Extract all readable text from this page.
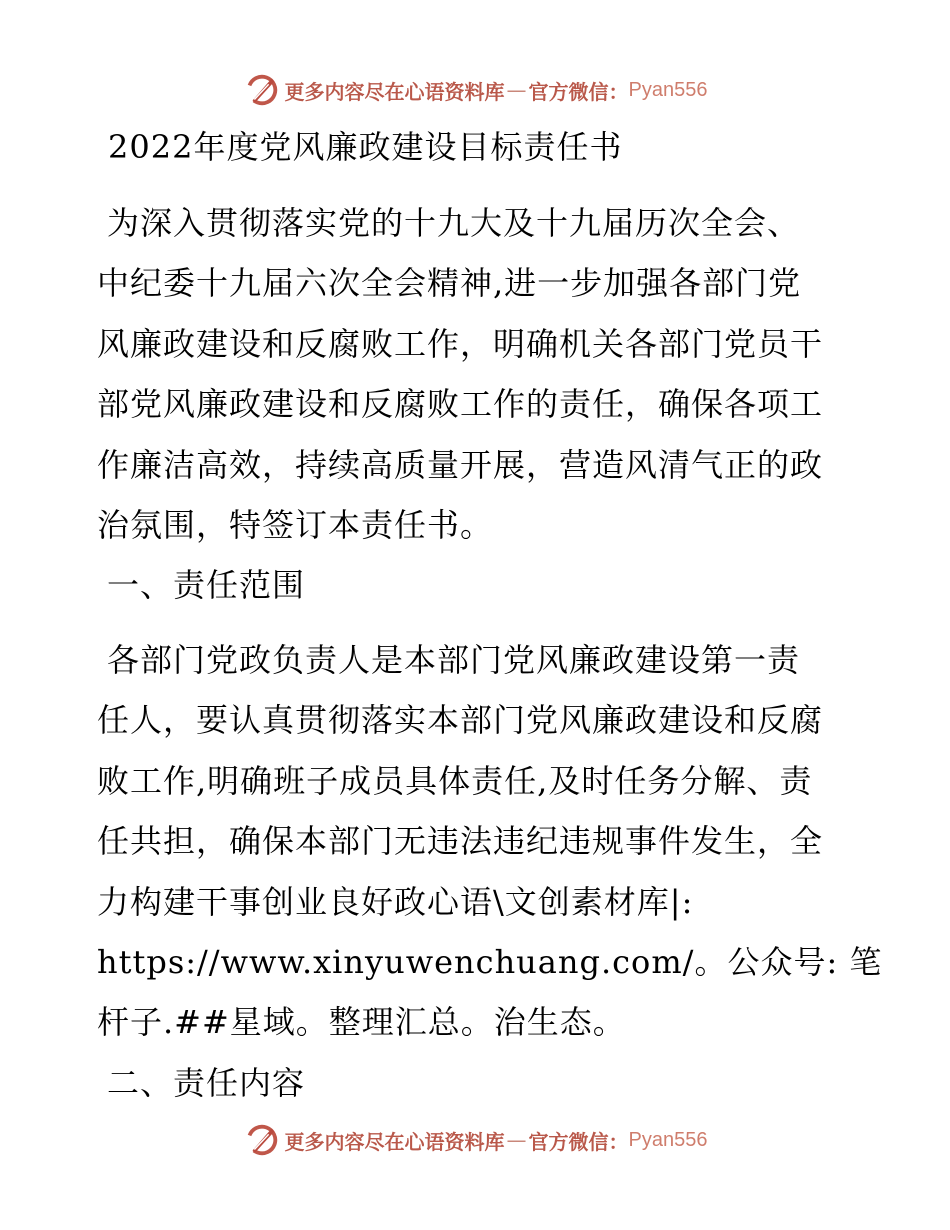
更多内容尽在心语资料库 — 官方微信： Pyan556
2022年度党风廉政建设目标责任书

为深入贯彻落实党的十九大及十九届历次全会、
中纪委十九届六次全会精神,进一步加强各部门党
风廉政建设和反腐败工作，明确机关各部门党员干
部党风廉政建设和反腐败工作的责任，确保各项工
作廉洁高效，持续高质量开展，营造风清气正的政
治氛围，特签订本责任书。

一、责任范围

各部门党政负责人是本部门党风廉政建设第一责
任人，要认真贯彻落实本部门党风廉政建设和反腐
败工作,明确班子成员具体责任,及时任务分解、责
任共担，确保本部门无违法违纪违规事件发生，全
力构建干事创业良好政心语\文创素材库|:
https://www.xinyuwenchuang.com/。公众号: 笔
杆子.##星域。整理汇总。治生态。

二、责任内容

更多内容尽在心语资料库 — 官方微信： Pyan556
